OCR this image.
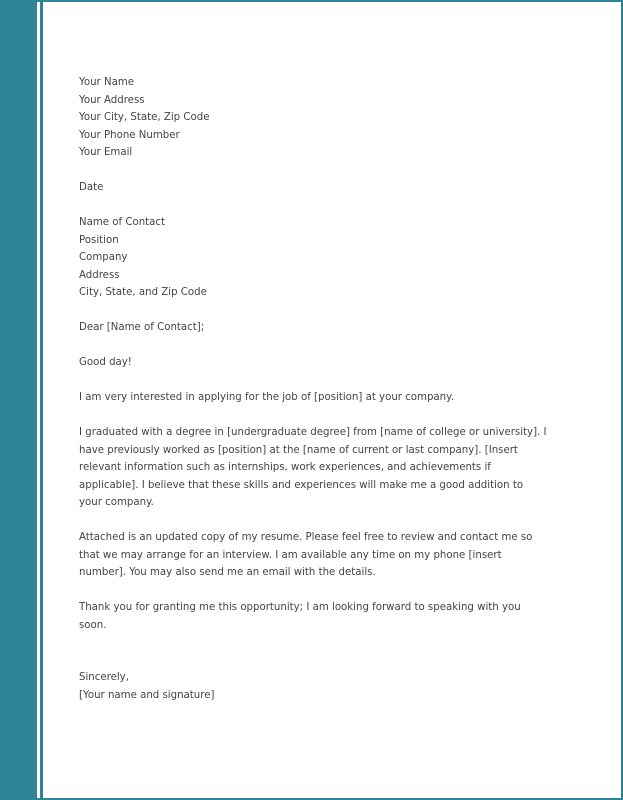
Your Name

Your Address

Your City, State, Zip Code

Your Phone Number

Your Email

Date

Name of Contact

Position

Company

Address

City, State, and Zip Code

Dear [Name of Contact];

Good day!

I am very interested in applying for the job of [position] at your company.

I graduated with a degree in [undergraduate degree] from [name of college or university]. I have previously worked as [position] at the [name of current or last company]. [Insert relevant information such as internships, work experiences, and achievements if applicable]. I believe that these skills and experiences will make me a good addition to your company.

Attached is an updated copy of my resume. Please feel free to review and contact me so that we may arrange for an interview. I am available any time on my phone [insert number]. You may also send me an email with the details.

Thank you for granting me this opportunity; I am looking forward to speaking with you soon.

Sincerely,

[Your name and signature]
